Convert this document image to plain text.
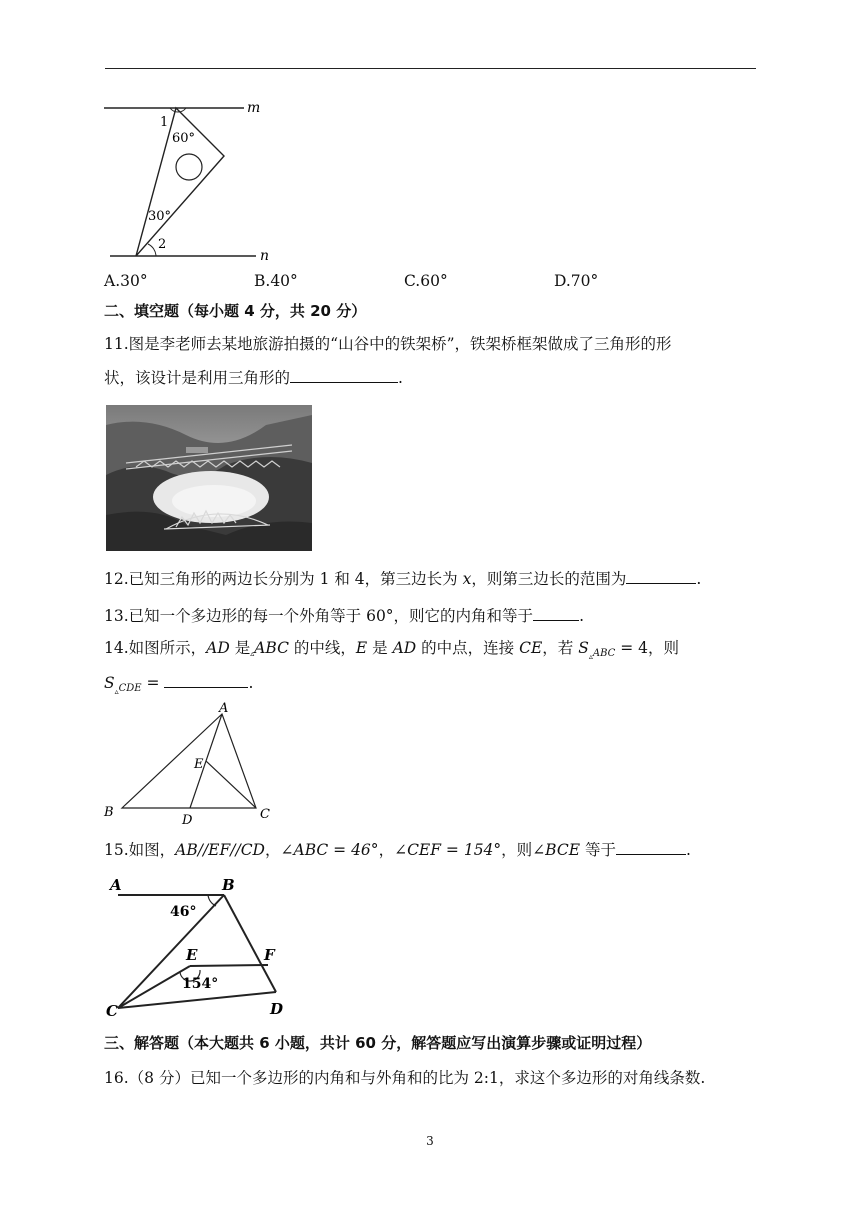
m
n
1
60°
30°
2
A.30°	B.40°	C.60°	D.70°
二、填空题（每小题 4 分，共 20 分）
11.图是李老师去某地旅游拍摄的“山谷中的铁架桥”，铁架桥框架做成了三角形的形
状，该设计是利用三角形的	.
12.已知三角形的两边长分别为 1 和 4，第三边长为 x，则第三边长的范围为	.
13.已知一个多边形的每一个外角等于 60°，则它的内角和等于	.
14.如图所示，AD 是▵ABC 的中线，E 是 AD 的中点，连接 CE，若 $S_{_▵ABC} = 4$，则
$S_{_▵CDE}$ =	.
A
B	C
D
E
15.如图，AB//EF//CD，∠ABC = 46°，∠CEF = 154°，则∠BCE 等于	.
A	B
C	D
E	F
46°
154°
三、解答题（本大题共 6 小题，共计 60 分，解答题应写出演算步骤或证明过程）
16.（8 分）已知一个多边形的内角和与外角和的比为 2:1，求这个多边形的对角线条数.
3
